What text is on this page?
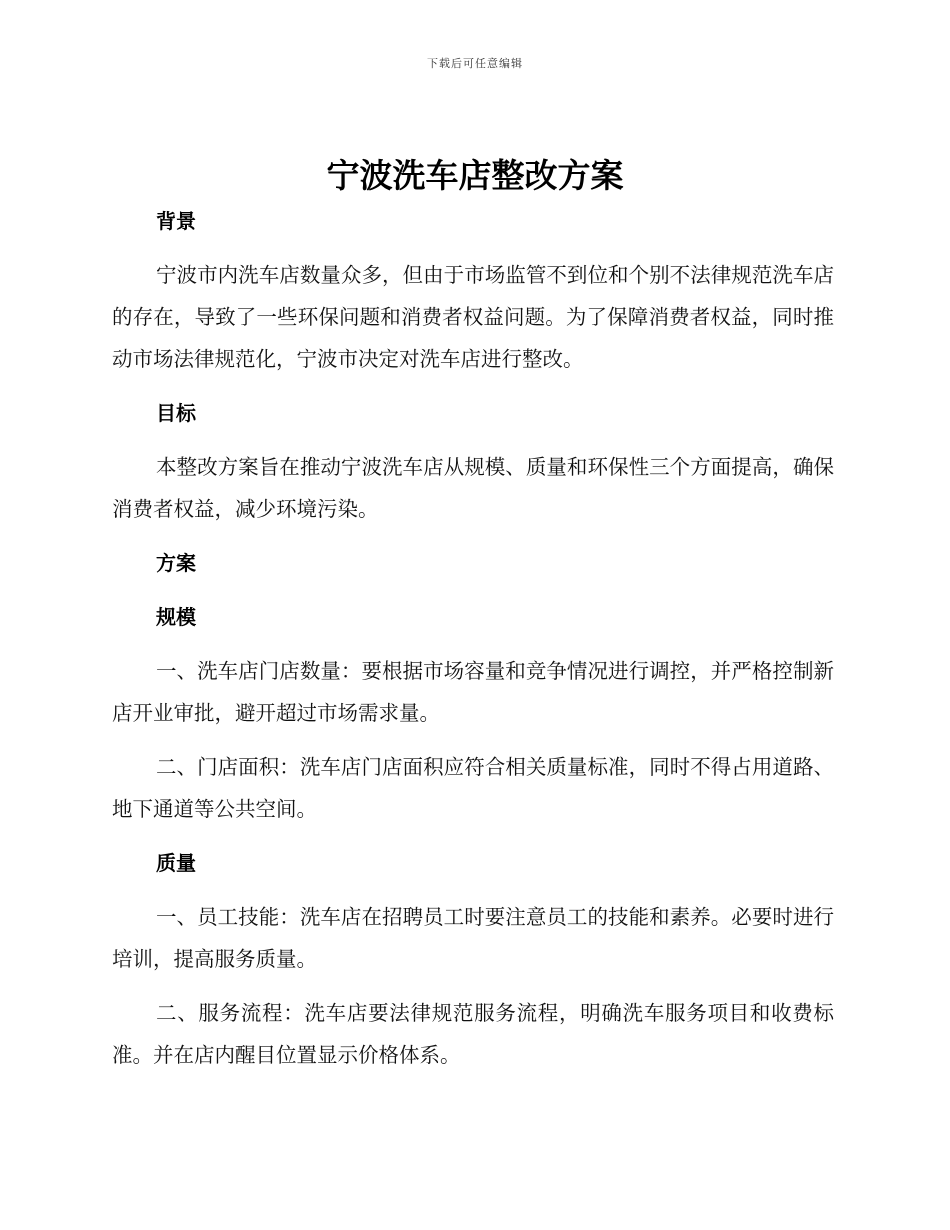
下载后可任意编辑
宁波洗车店整改方案
背景

宁波市内洗车店数量众多，但由于市场监管不到位和个别不法律规范洗车店的存在，导致了一些环保问题和消费者权益问题。为了保障消费者权益，同时推动市场法律规范化，宁波市决定对洗车店进行整改。

目标

本整改方案旨在推动宁波洗车店从规模、质量和环保性三个方面提高，确保消费者权益，减少环境污染。

方案
规模

一、洗车店门店数量：要根据市场容量和竞争情况进行调控，并严格控制新店开业审批，避开超过市场需求量。

二、门店面积：洗车店门店面积应符合相关质量标准，同时不得占用道路、地下通道等公共空间。

质量

一、员工技能：洗车店在招聘员工时要注意员工的技能和素养。必要时进行培训，提高服务质量。

二、服务流程：洗车店要法律规范服务流程，明确洗车服务项目和收费标准。并在店内醒目位置显示价格体系。
